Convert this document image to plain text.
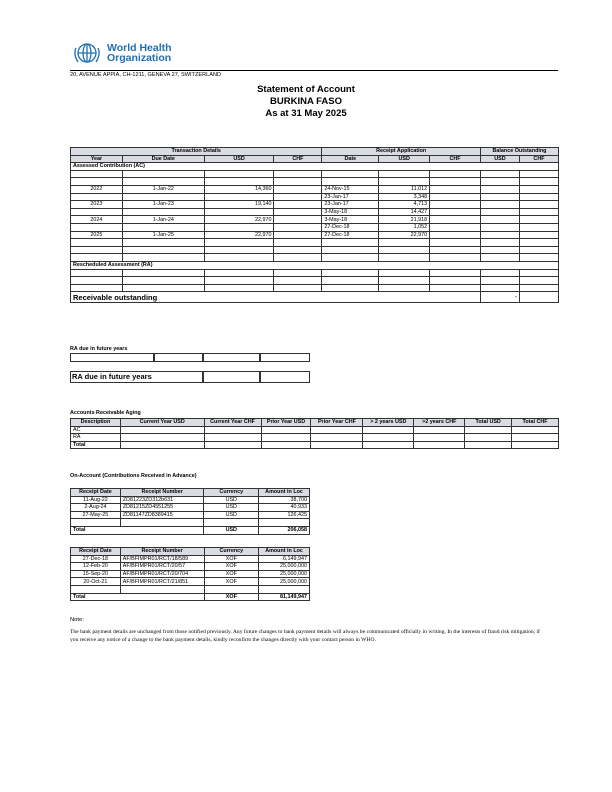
World Health
Organization
20, AVENUE APPIA, CH-1211, GENEVA 27, SWITZERLAND
Statement of Account
BURKINA FASO
As at 31 May 2025
Transaction Details				Receipt Application			Balance Outstanding	
Year	Due Date	USD	CHF	Date	USD	CHF	USD	CHF
Assessed Contribution (AC)								

2022	1-Jan-22	14,360		24-Nov-15	11,012			
				23-Jan-17	3,348			
2023	1-Jan-23	19,140		23-Jan-17	4,713			
				3-May-18	14,427			
2024	1-Jan-24	22,970		3-May-18	21,918			
				27-Dec-18	1,052			
2025	1-Jan-25	22,970		27-Dec-18	22,970			

Rescheduled Assessment (RA)								

Receivable outstanding							-	
RA due in future years
RA due in future years
Accounts Receivable Aging
Description	Current Year USD	Current Year CHF	Prior Year USD	Prior Year CHF	> 2 years USD	>2 years CHF	Total USD	Total CHF
AC								
RA								
Total								
On-Account (Contributions Received in Advance)
Receipt Date	Receipt Number	Currency	Amount in Loc
11-Aug-22	ZD81223ZD312b631	USD	38,700
2-Aug-24	ZD81215ZD4551255	USD	40,933
27-May-25	ZD81147ZD8389415	USD	126,425

Total		USD	206,058
Receipt Date	Receipt Number	Currency	Amount in Loc
27-Dec-18	AF/BFIMPR01/RCT/18/589	XOF	6,149,947
12-Feb-20	AF/BFIMPR01/RCT/20/57	XOF	25,000,000
15-Sep-20	AF/BFIMPR01/RCT/20/704	XOF	25,000,000
20-Oct-21	AF/BFIMPR01/RCT/21/851	XOF	25,000,000

Total		XOF	81,149,947
Note:
The bank payment details are unchanged from those notified previously. Any future changes to bank payment details will always be communicated officially in writing. In the interests of fraud risk mitigation, if you receive any notice of a change to the bank payment details, kindly reconfirm the changes directly with your contact person in WHO.
